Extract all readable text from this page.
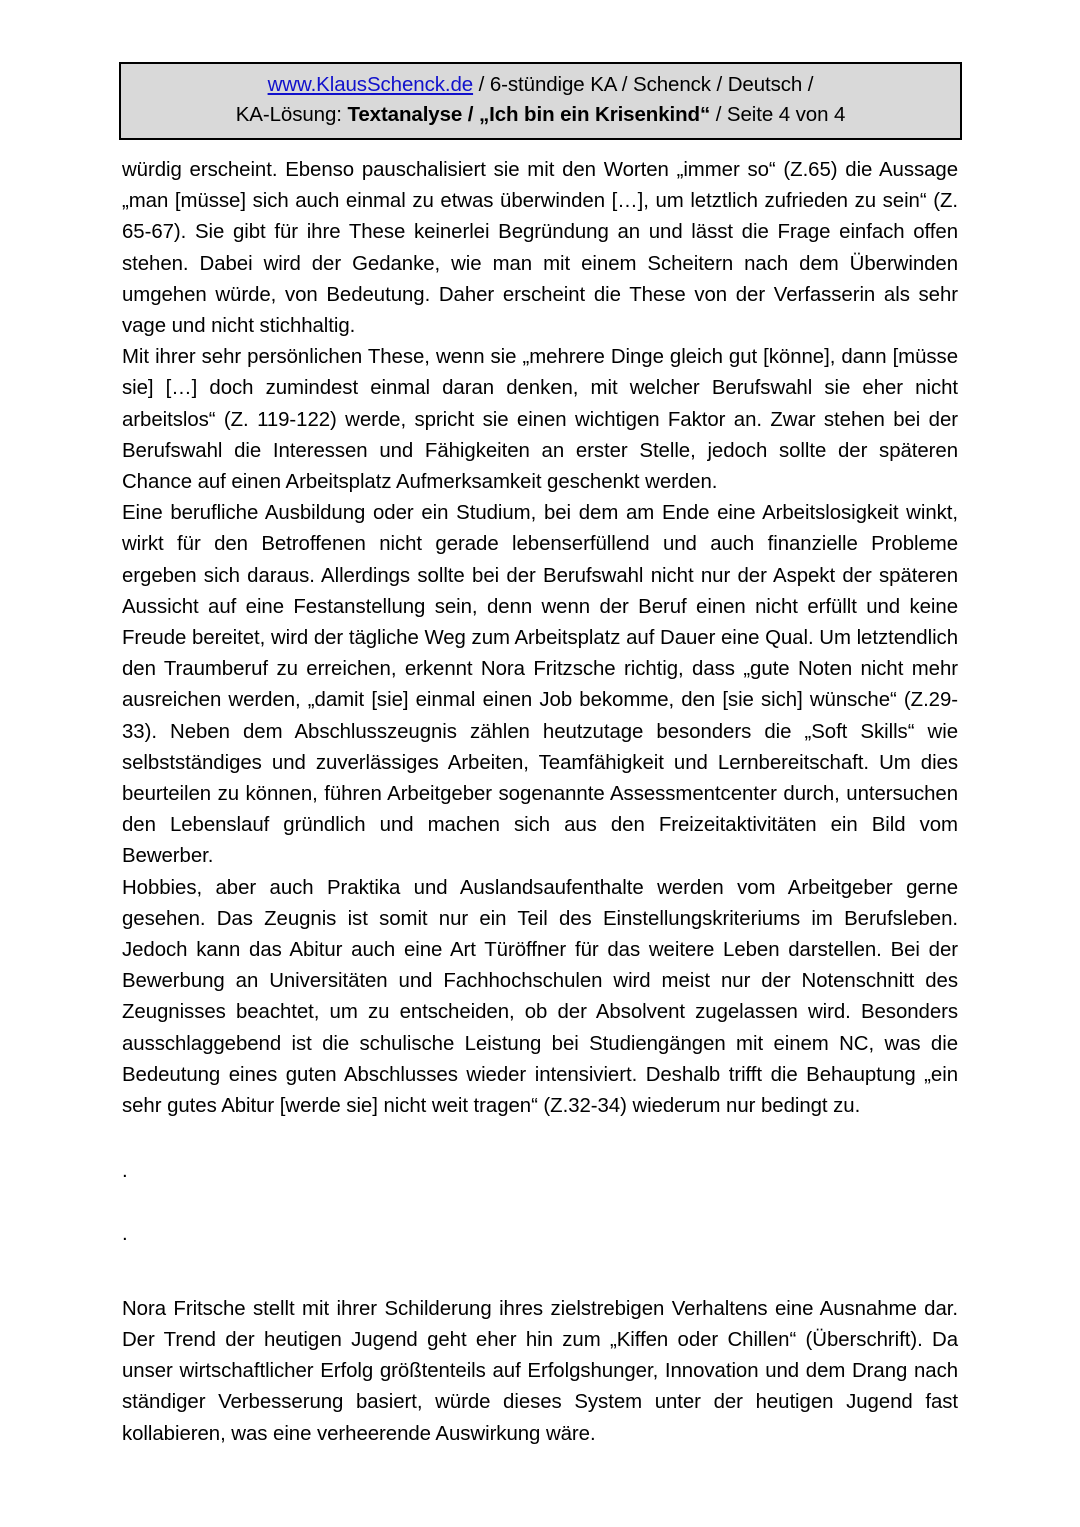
www.KlausSchenck.de / 6-stündige KA / Schenck / Deutsch /
KA-Lösung: Textanalyse / „Ich bin ein Krisenkind“ / Seite 4 von 4

würdig erscheint. Ebenso pauschalisiert sie mit den Worten „immer so“ (Z.65) die Aussage „man [müsse] sich auch einmal zu etwas überwinden […], um letztlich zufrieden zu sein“ (Z. 65-67). Sie gibt für ihre These keinerlei Begründung an und lässt die Frage einfach offen stehen. Dabei wird der Gedanke, wie man mit einem Scheitern nach dem Überwinden umgehen würde, von Bedeutung. Daher erscheint die These von der Verfasserin als sehr vage und nicht stichhaltig.

Mit ihrer sehr persönlichen These, wenn sie „mehrere Dinge gleich gut [könne], dann [müsse sie] […] doch zumindest einmal daran denken, mit welcher Berufswahl sie eher nicht arbeitslos“ (Z. 119-122) werde, spricht sie einen wichtigen Faktor an. Zwar stehen bei der Berufswahl die Interessen und Fähigkeiten an erster Stelle, jedoch sollte der späteren Chance auf einen Arbeitsplatz Aufmerksamkeit geschenkt werden.

Eine berufliche Ausbildung oder ein Studium, bei dem am Ende eine Arbeitslosigkeit winkt, wirkt für den Betroffenen nicht gerade lebenserfüllend und auch finanzielle Probleme ergeben sich daraus. Allerdings sollte bei der Berufswahl nicht nur der Aspekt der späteren Aussicht auf eine Festanstellung sein, denn wenn der Beruf einen nicht erfüllt und keine Freude bereitet, wird der tägliche Weg zum Arbeitsplatz auf Dauer eine Qual. Um letztendlich den Traumberuf zu erreichen, erkennt Nora Fritzsche richtig, dass „gute Noten nicht mehr ausreichen werden, „damit [sie] einmal einen Job bekomme, den [sie sich] wünsche“ (Z.29-33). Neben dem Abschlusszeugnis zählen heutzutage besonders die „Soft Skills“ wie selbstständiges und zuverlässiges Arbeiten, Teamfähigkeit und Lernbereitschaft. Um dies beurteilen zu können, führen Arbeitgeber sogenannte Assessmentcenter durch, untersuchen den Lebenslauf gründlich und machen sich aus den Freizeitaktivitäten ein Bild vom Bewerber.

Hobbies, aber auch Praktika und Auslandsaufenthalte werden vom Arbeitgeber gerne gesehen. Das Zeugnis ist somit nur ein Teil des Einstellungskriteriums im Berufsleben. Jedoch kann das Abitur auch eine Art Türöffner für das weitere Leben darstellen. Bei der Bewerbung an Universitäten und Fachhochschulen wird meist nur der Notenschnitt des Zeugnisses beachtet, um zu entscheiden, ob der Absolvent zugelassen wird. Besonders ausschlaggebend ist die schulische Leistung bei Studiengängen mit einem NC, was die Bedeutung eines guten Abschlusses wieder intensiviert. Deshalb trifft die Behauptung „ein sehr gutes Abitur [werde sie] nicht weit tragen“ (Z.32-34) wiederum nur bedingt zu.

.

.

Nora Fritsche stellt mit ihrer Schilderung ihres zielstrebigen Verhaltens eine Ausnahme dar. Der Trend der heutigen Jugend geht eher hin zum „Kiffen oder Chillen“ (Überschrift). Da unser wirtschaftlicher Erfolg größtenteils auf Erfolgshunger, Innovation und dem Drang nach ständiger Verbesserung basiert, würde dieses System unter der heutigen Jugend fast kollabieren, was eine verheerende Auswirkung wäre.
